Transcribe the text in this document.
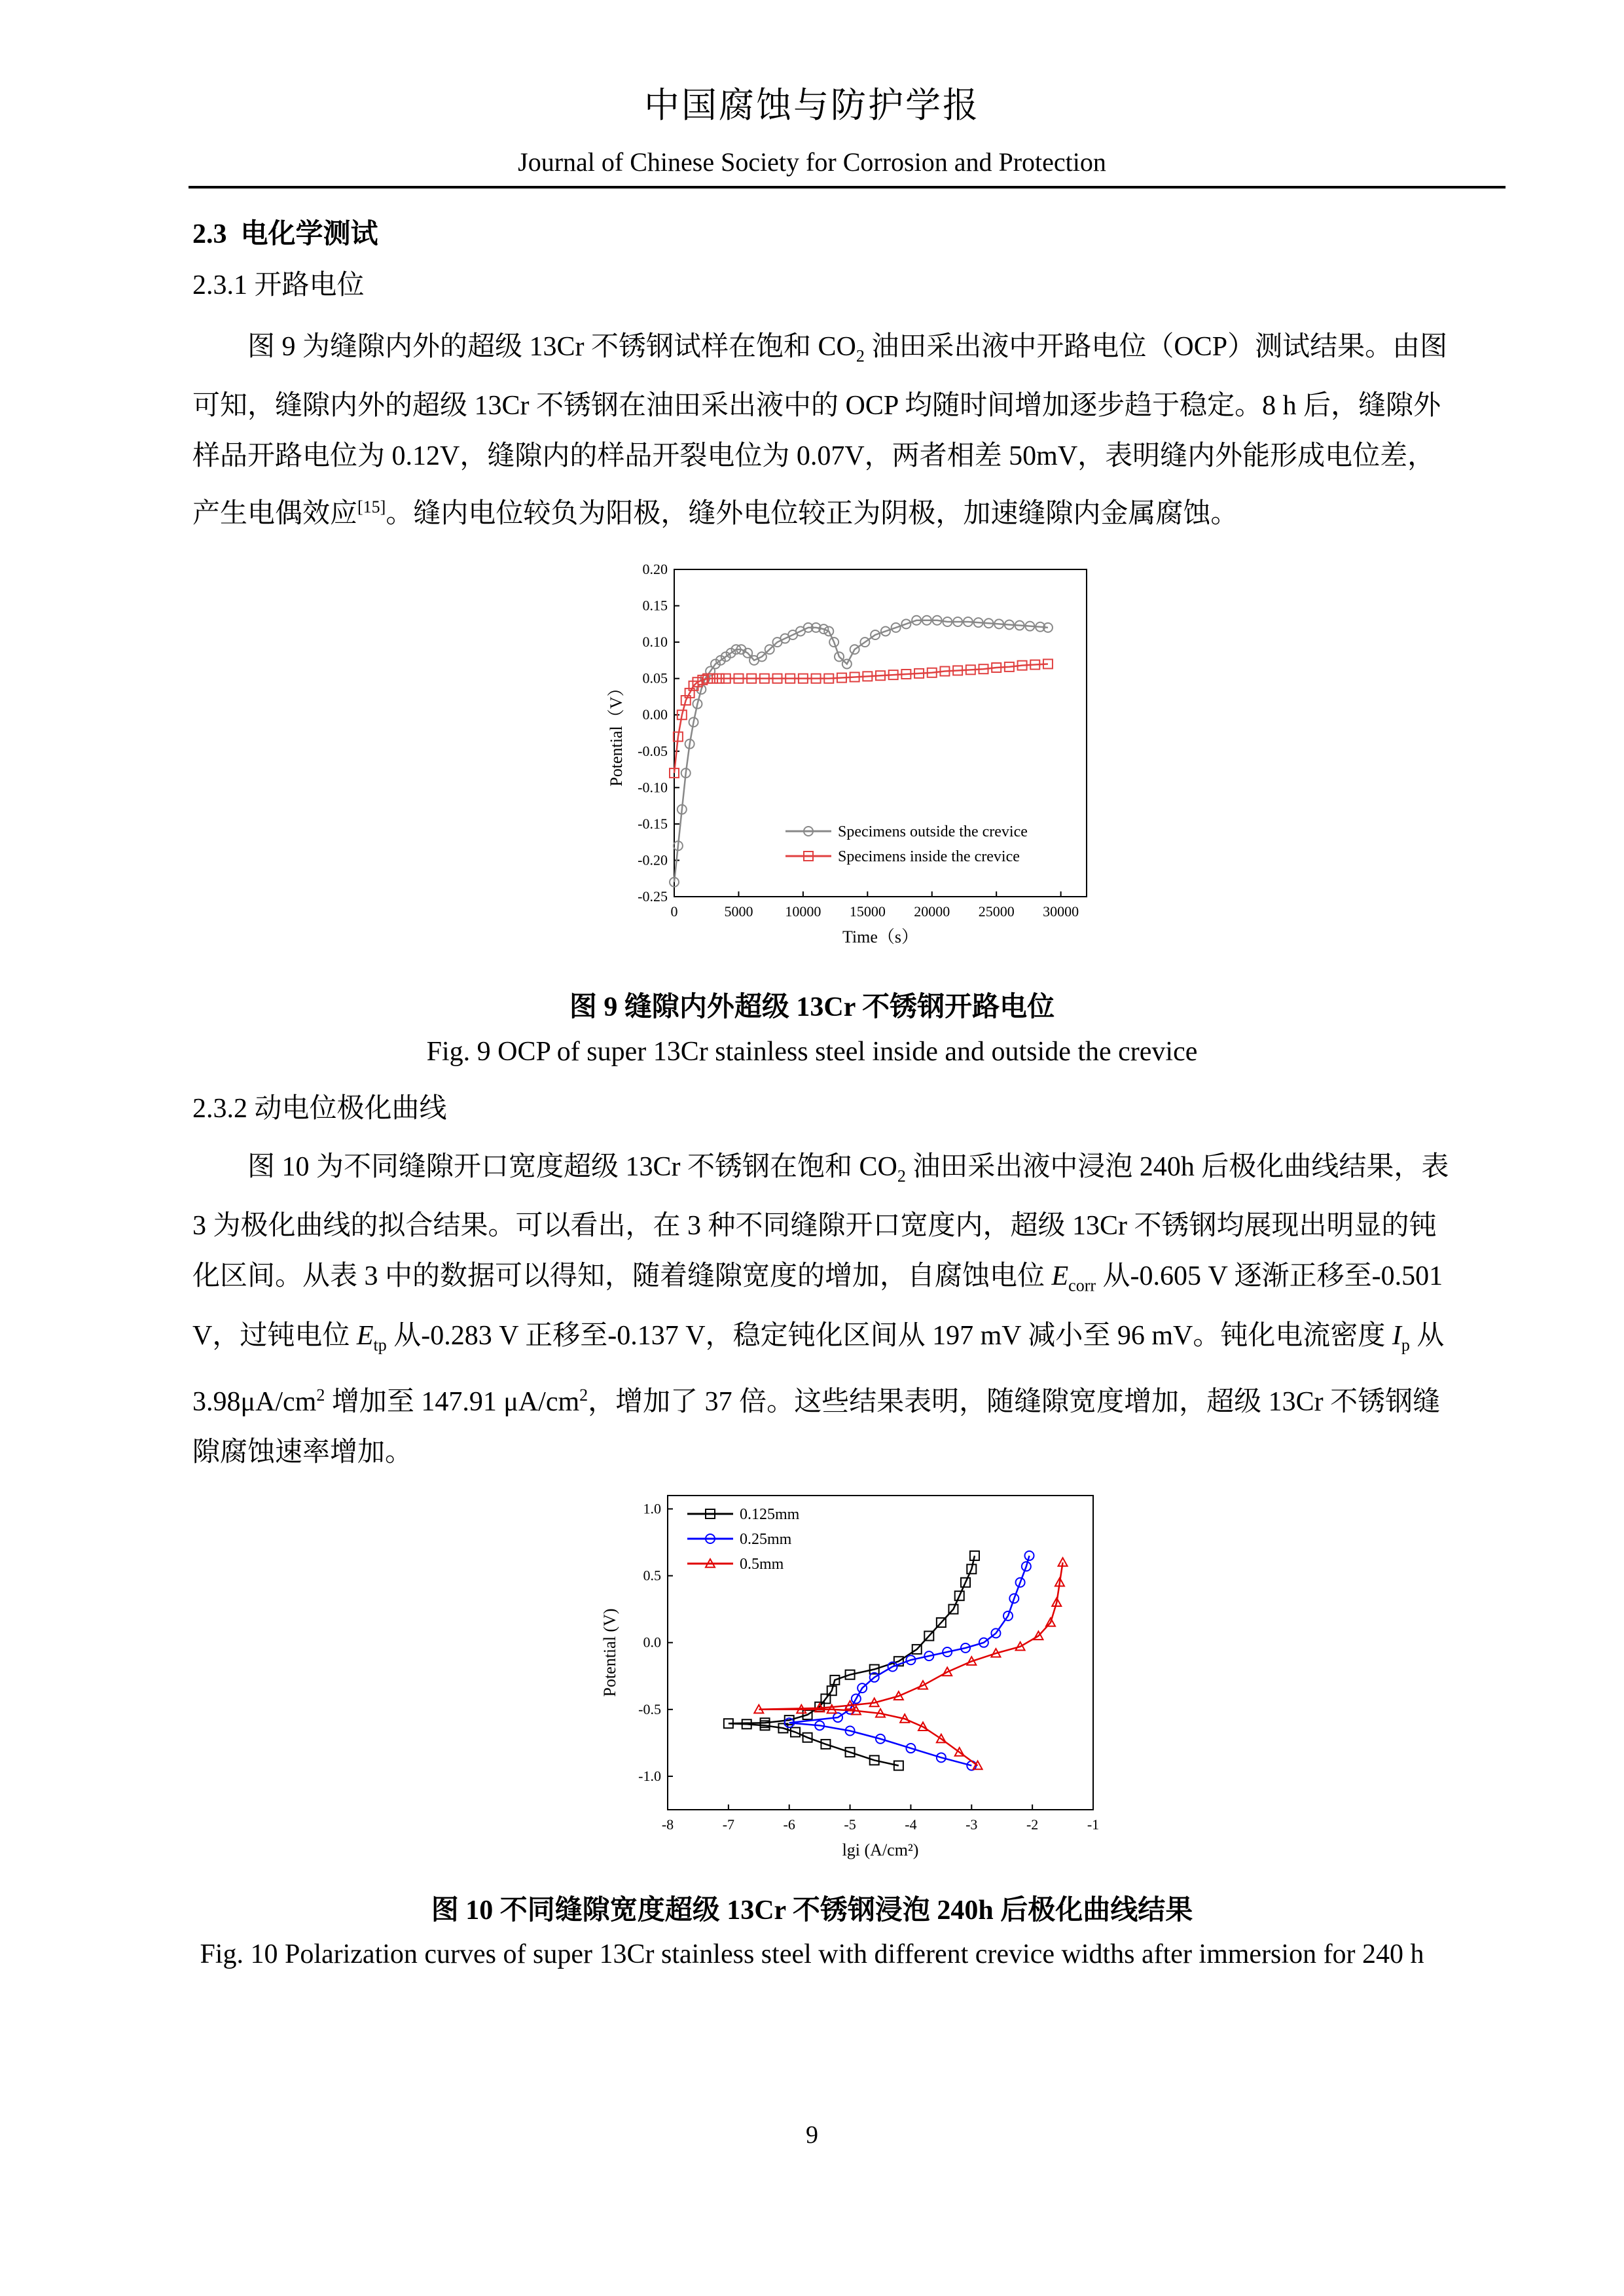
中国腐蚀与防护学报
Journal of Chinese Society for Corrosion and Protection
2.3 电化学测试
2.3.1 开路电位
图 9 为缝隙内外的超级 13Cr 不锈钢试样在饱和 $CO_2$ 油田采出液中开路电位（OCP）测试结果。由图
可知，缝隙内外的超级 13Cr 不锈钢在油田采出液中的 OCP 均随时间增加逐步趋于稳定。8 h 后，缝隙外
样品开路电位为 0.12V，缝隙内的样品开裂电位为 0.07V，两者相差 50mV，表明缝内外能形成电位差，
产生电偶效应[15]。缝内电位较负为阳极，缝外电位较正为阴极，加速缝隙内金属腐蚀。
0	5000 10000 15000 20000 25000 30000
-0.25
-0.20
-0.15
-0.10
-0.05
0.00
0.05
0.10
0.15
0.20
Time（s）
Potential（V）
Specimens outside the crevice
Specimens inside the crevice
图 9 缝隙内外超级 13Cr 不锈钢开路电位
Fig. 9 OCP of super 13Cr stainless steel inside and outside the crevice
2.3.2 动电位极化曲线
图 10 为不同缝隙开口宽度超级 13Cr 不锈钢在饱和 $CO_2$ 油田采出液中浸泡 240h 后极化曲线结果，表
3 为极化曲线的拟合结果。可以看出，在 3 种不同缝隙开口宽度内，超级 13Cr 不锈钢均展现出明显的钝
化区间。从表 3 中的数据可以得知，随着缝隙宽度的增加，自腐蚀电位 $E_{corr}$ 从-0.605 V 逐渐正移至-0.501
V，过钝电位 $E_{tp}$ 从-0.283 V 正移至-0.137 V，稳定钝化区间从 197 mV 减小至 96 mV。钝化电流密度 $I_p$ 从
$3.98\mu A/cm^2$ 增加至 147.91 $\mu A/cm^2$，增加了 37 倍。这些结果表明，随缝隙宽度增加，超级 13Cr 不锈钢缝
隙腐蚀速率增加。
-8	-7	-6	-5	-4	-3	-2	-1
-1.0
-0.5
0.0
0.5
1.0
lgi (A/cm²)
Potential (V)
0.125mm
0.25mm
0.5mm
图 10 不同缝隙宽度超级 13Cr 不锈钢浸泡 240h 后极化曲线结果
Fig. 10 Polarization curves of super 13Cr stainless steel with different crevice widths after immersion for 240 h
9
